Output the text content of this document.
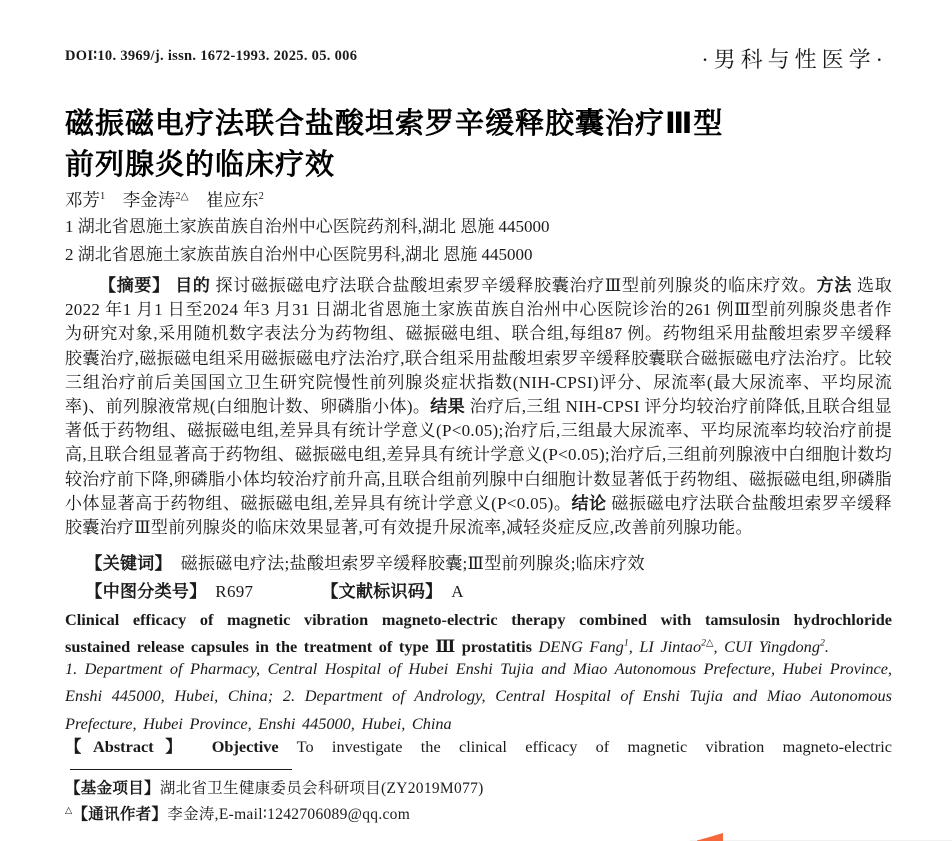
DOI∶10. 3969/j. issn. 1672-1993. 2025. 05. 006	·男科与性医学·
磁振磁电疗法联合盐酸坦索罗辛缓释胶囊治疗Ⅲ型
前列腺炎的临床疗效
邓芳$^1$　李金涛$^{2\triangle}$　崔应东$^2$
1 湖北省恩施土家族苗族自治州中心医院药剂科,湖北 恩施 445000
2 湖北省恩施土家族苗族自治州中心医院男科,湖北 恩施 445000
【摘要】 目的 探讨磁振磁电疗法联合盐酸坦索罗辛缓释胶囊治疗Ⅲ型前列腺炎的临床疗效。方法 选取2022 年1 月1 日至2024 年3 月31 日湖北省恩施土家族苗族自治州中心医院诊治的261 例Ⅲ型前列腺炎患者作为研究对象,采用随机数字表法分为药物组、磁振磁电组、联合组,每组87 例。药物组采用盐酸坦索罗辛缓释胶囊治疗,磁振磁电组采用磁振磁电疗法治疗,联合组采用盐酸坦索罗辛缓释胶囊联合磁振磁电疗法治疗。比较三组治疗前后美国国立卫生研究院慢性前列腺炎症状指数(NIH-CPSI)评分、尿流率(最大尿流率、平均尿流率)、前列腺液常规(白细胞计数、卵磷脂小体)。结果 治疗后,三组 NIH-CPSI 评分均较治疗前降低,且联合组显著低于药物组、磁振磁电组,差异具有统计学意义(P<0.05);治疗后,三组最大尿流率、平均尿流率均较治疗前提高,且联合组显著高于药物组、磁振磁电组,差异具有统计学意义(P<0.05);治疗后,三组前列腺液中白细胞计数均较治疗前下降,卵磷脂小体均较治疗前升高,且联合组前列腺中白细胞计数显著低于药物组、磁振磁电组,卵磷脂小体显著高于药物组、磁振磁电组,差异具有统计学意义(P<0.05)。结论 磁振磁电疗法联合盐酸坦索罗辛缓释胶囊治疗Ⅲ型前列腺炎的临床效果显著,可有效提升尿流率,减轻炎症反应,改善前列腺功能。
【关键词】　磁振磁电疗法;盐酸坦索罗辛缓释胶囊;Ⅲ型前列腺炎;临床疗效
【中图分类号】　R697	【文献标识码】　A
Clinical efficacy of magnetic vibration magneto-electric therapy combined with tamsulosin hydrochloride sustained release capsules in the treatment of type Ⅲ prostatitis DENG Fang$^1$, LI Jintao$^{2\triangle}$, CUI Yingdong$^2$.
1. Department of Pharmacy, Central Hospital of Hubei Enshi Tujia and Miao Autonomous Prefecture, Hubei Province, Enshi 445000, Hubei, China; 2. Department of Andrology, Central Hospital of Enshi Tujia and Miao Autonomous Prefecture, Hubei Province, Enshi 445000, Hubei, China
【Abstract】 Objective To investigate the clinical efficacy of magnetic vibration magneto-electric
【基金项目】湖北省卫生健康委员会科研项目(ZY2019M077)
△【通讯作者】李金涛,E-mail∶1242706089@qq.com
